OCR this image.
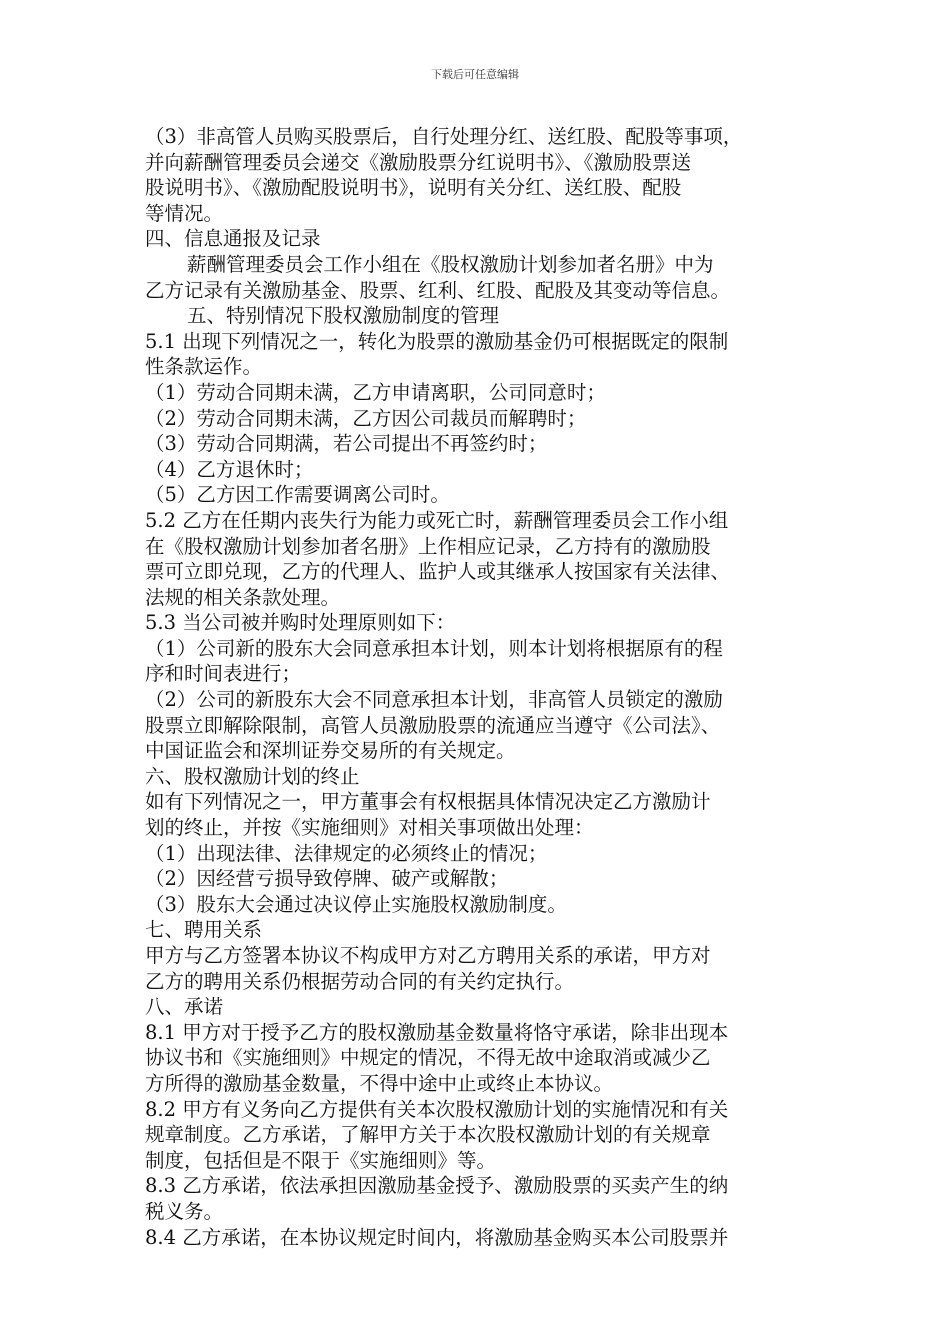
下载后可任意编辑

（3）非高管人员购买股票后，自行处理分红、送红股、配股等事项，

并向薪酬管理委员会递交《激励股票分红说明书》、《激励股票送

股说明书》、《激励配股说明书》，说明有关分红、送红股、配股

等情况。

四、信息通报及记录

薪酬管理委员会工作小组在《股权激励计划参加者名册》中为

乙方记录有关激励基金、股票、红利、红股、配股及其变动等信息。

五、特别情况下股权激励制度的管理

5.1 出现下列情况之一，转化为股票的激励基金仍可根据既定的限制

性条款运作。

（1）劳动合同期未满，乙方申请离职，公司同意时；

（2）劳动合同期未满，乙方因公司裁员而解聘时；

（3）劳动合同期满，若公司提出不再签约时；

（4）乙方退休时；

（5）乙方因工作需要调离公司时。

5.2 乙方在任期内丧失行为能力或死亡时，薪酬管理委员会工作小组

在《股权激励计划参加者名册》上作相应记录，乙方持有的激励股

票可立即兑现，乙方的代理人、监护人或其继承人按国家有关法律、

法规的相关条款处理。

5.3 当公司被并购时处理原则如下：

（1）公司新的股东大会同意承担本计划，则本计划将根据原有的程

序和时间表进行；

（2）公司的新股东大会不同意承担本计划，非高管人员锁定的激励

股票立即解除限制，高管人员激励股票的流通应当遵守《公司法》、

中国证监会和深圳证券交易所的有关规定。

六、股权激励计划的终止

如有下列情况之一，甲方董事会有权根据具体情况决定乙方激励计

划的终止，并按《实施细则》对相关事项做出处理：

（1）出现法律、法律规定的必须终止的情况；

（2）因经营亏损导致停牌、破产或解散；

（3）股东大会通过决议停止实施股权激励制度。

七、聘用关系

甲方与乙方签署本协议不构成甲方对乙方聘用关系的承诺，甲方对

乙方的聘用关系仍根据劳动合同的有关约定执行。

八、承诺

8.1 甲方对于授予乙方的股权激励基金数量将恪守承诺，除非出现本

协议书和《实施细则》中规定的情况，不得无故中途取消或减少乙

方所得的激励基金数量，不得中途中止或终止本协议。

8.2 甲方有义务向乙方提供有关本次股权激励计划的实施情况和有关

规章制度。乙方承诺，了解甲方关于本次股权激励计划的有关规章

制度，包括但是不限于《实施细则》等。

8.3 乙方承诺，依法承担因激励基金授予、激励股票的买卖产生的纳

税义务。

8.4 乙方承诺，在本协议规定时间内，将激励基金购买本公司股票并
